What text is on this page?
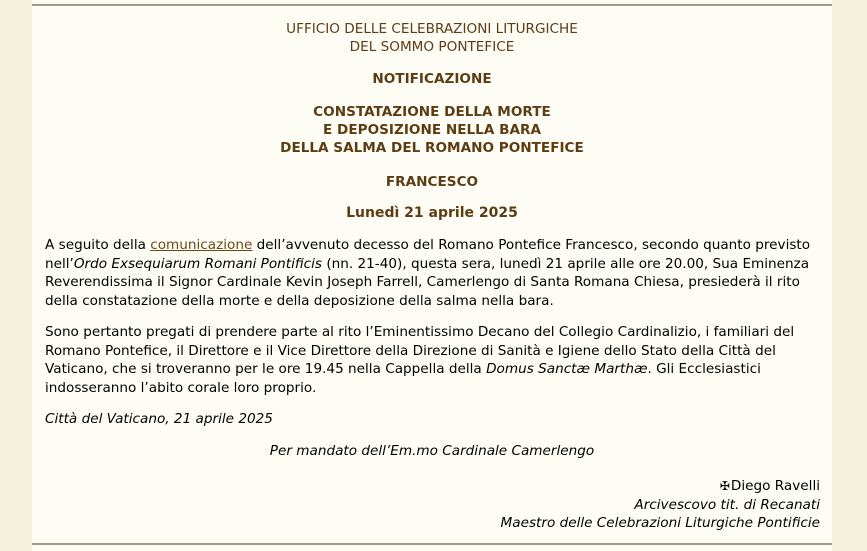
UFFICIO DELLE CELEBRAZIONI LITURGICHE
DEL SOMMO PONTEFICE
NOTIFICAZIONE
CONSTATAZIONE DELLA MORTE
E DEPOSIZIONE NELLA BARA
DELLA SALMA DEL ROMANO PONTEFICE
FRANCESCO
Lunedì 21 aprile 2025

A seguito della comunicazione dell’avvenuto decesso del Romano Pontefice Francesco, secondo quanto previsto nell’Ordo Exsequiarum Romani Pontificis (nn. 21-40), questa sera, lunedì 21 aprile alle ore 20.00, Sua Eminenza Reverendissima il Signor Cardinale Kevin Joseph Farrell, Camerlengo di Santa Romana Chiesa, presiederà il rito della constatazione della morte e della deposizione della salma nella bara.

Sono pertanto pregati di prendere parte al rito l’Eminentissimo Decano del Collegio Cardinalizio, i familiari del Romano Pontefice, il Direttore e il Vice Direttore della Direzione di Sanità e Igiene dello Stato della Città del Vaticano, che si troveranno per le ore 19.45 nella Cappella della Domus Sanctæ Marthæ. Gli Ecclesiastici indosseranno l’abito corale loro proprio.

Città del Vaticano, 21 aprile 2025
Per mandato dell’Em.mo Cardinale Camerlengo
✠Diego Ravelli
Arcivescovo tit. di Recanati
Maestro delle Celebrazioni Liturgiche Pontificie
